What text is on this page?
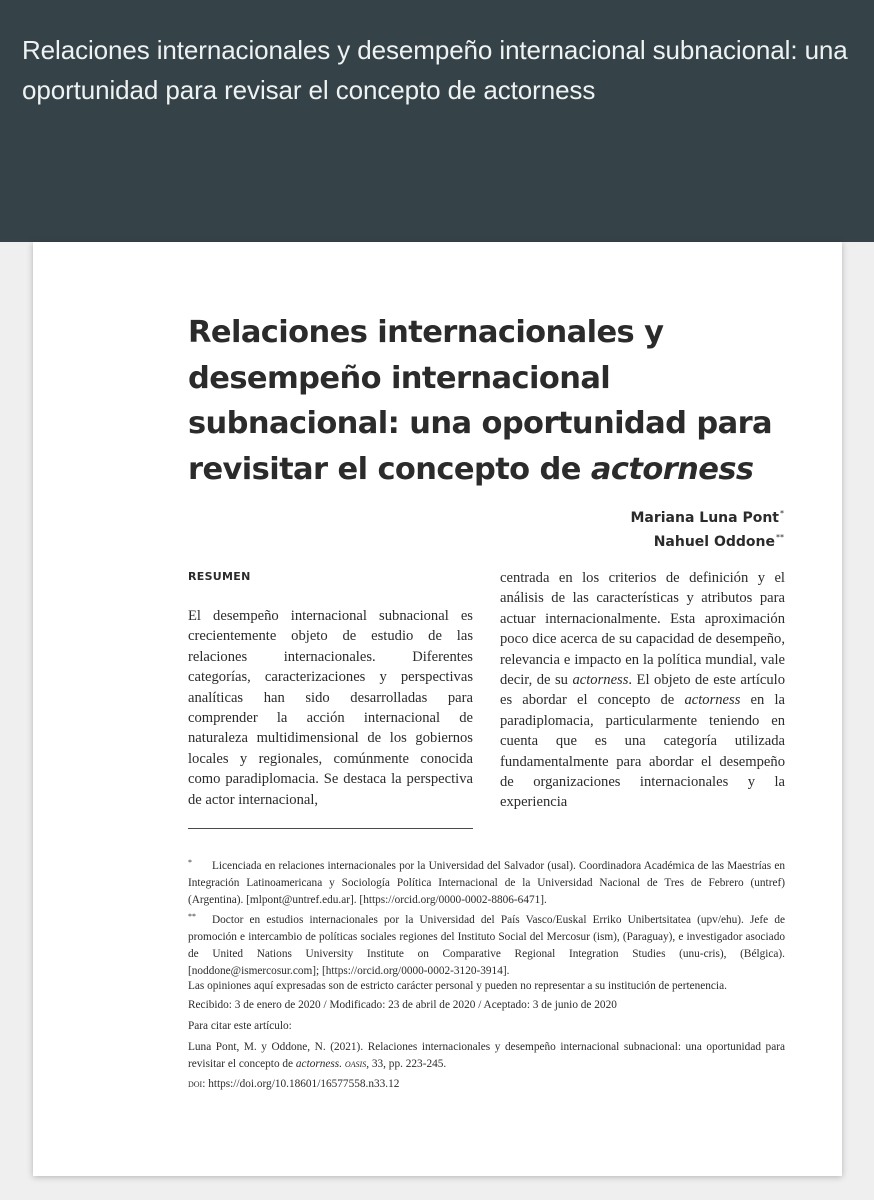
Relaciones internacionales y desempeño internacional subnacional: una oportunidad para revisar el concepto de actorness
Relaciones internacionales y desempeño internacional subnacional: una oportunidad para revisitar el concepto de actorness
Mariana Luna Pont*
Nahuel Oddone**
RESUMEN
El desempeño internacional subnacional es crecientemente objeto de estudio de las relaciones internacionales. Diferentes categorías, caracterizaciones y perspectivas analíticas han sido desarrolladas para comprender la acción internacional de naturaleza multidimensional de los gobiernos locales y regionales, comúnmente conocida como paradiplomacia. Se destaca la perspectiva de actor internacional,
centrada en los criterios de definición y el análisis de las características y atributos para actuar internacionalmente. Esta aproximación poco dice acerca de su capacidad de desempeño, relevancia e impacto en la política mundial, vale decir, de su actorness. El objeto de este artículo es abordar el concepto de actorness en la paradiplomacia, particularmente teniendo en cuenta que es una categoría utilizada fundamentalmente para abordar el desempeño de organizaciones internacionales y la experiencia

* Licenciada en relaciones internacionales por la Universidad del Salvador (usal). Coordinadora Académica de las Maestrías en Integración Latinoamericana y Sociología Política Internacional de la Universidad Nacional de Tres de Febrero (untref) (Argentina). [mlpont@untref.edu.ar]. [https://orcid.org/0000-0002-8806-6471].

** Doctor en estudios internacionales por la Universidad del País Vasco/Euskal Erriko Unibertsitatea (upv/ehu). Jefe de promoción e intercambio de políticas sociales regiones del Instituto Social del Mercosur (ism), (Paraguay), e investigador asociado de United Nations University Institute on Comparative Regional Integration Studies (unu-cris), (Bélgica). [noddone@ismercosur.com]; [https://orcid.org/0000-0002-3120-3914].

Las opiniones aquí expresadas son de estricto carácter personal y pueden no representar a su institución de pertenencia.

Recibido: 3 de enero de 2020 / Modificado: 23 de abril de 2020 / Aceptado: 3 de junio de 2020

Para citar este artículo:

Luna Pont, M. y Oddone, N. (2021). Relaciones internacionales y desempeño internacional subnacional: una oportunidad para revisitar el concepto de actorness. oasis, 33, pp. 223-245.

doi: https://doi.org/10.18601/16577558.n33.12
